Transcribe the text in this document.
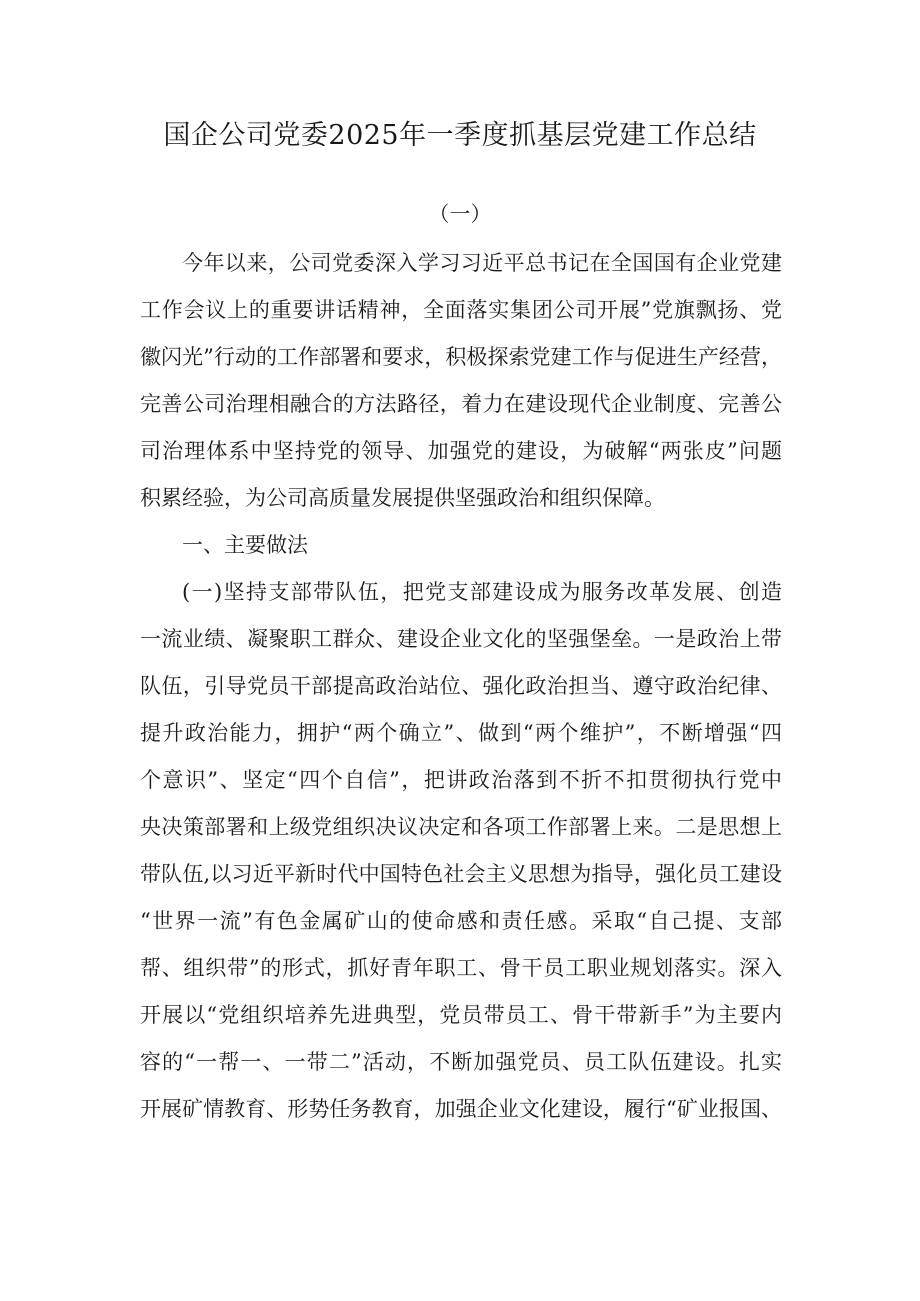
国企公司党委2025年一季度抓基层党建工作总结
（一）
今年以来，公司党委深入学习习近平总书记在全国国有企业党建
工作会议上的重要讲话精神，全面落实集团公司开展”党旗飘扬、党
徽闪光”行动的工作部署和要求，积极探索党建工作与促进生产经营，
完善公司治理相融合的方法路径，着力在建设现代企业制度、完善公
司治理体系中坚持党的领导、加强党的建设，为破解“两张皮”问题
积累经验，为公司高质量发展提供坚强政治和组织保障。
一、主要做法
(一)坚持支部带队伍，把党支部建设成为服务改革发展、创造
一流业绩、凝聚职工群众、建设企业文化的坚强堡垒。一是政治上带
队伍，引导党员干部提高政治站位、强化政治担当、遵守政治纪律、
提升政治能力，拥护“两个确立”、做到“两个维护”，不断增强“四
个意识”、坚定“四个自信”，把讲政治落到不折不扣贯彻执行党中
央决策部署和上级党组织决议决定和各项工作部署上来。二是思想上
带队伍,以习近平新时代中国特色社会主义思想为指导，强化员工建设
“世界一流”有色金属矿山的使命感和责任感。采取“自己提、支部
帮、组织带”的形式，抓好青年职工、骨干员工职业规划落实。深入
开展以“党组织培养先进典型，党员带员工、骨干带新手”为主要内
容的“一帮一、一带二”活动，不断加强党员、员工队伍建设。扎实
开展矿情教育、形势任务教育，加强企业文化建设，履行“矿业报国、
